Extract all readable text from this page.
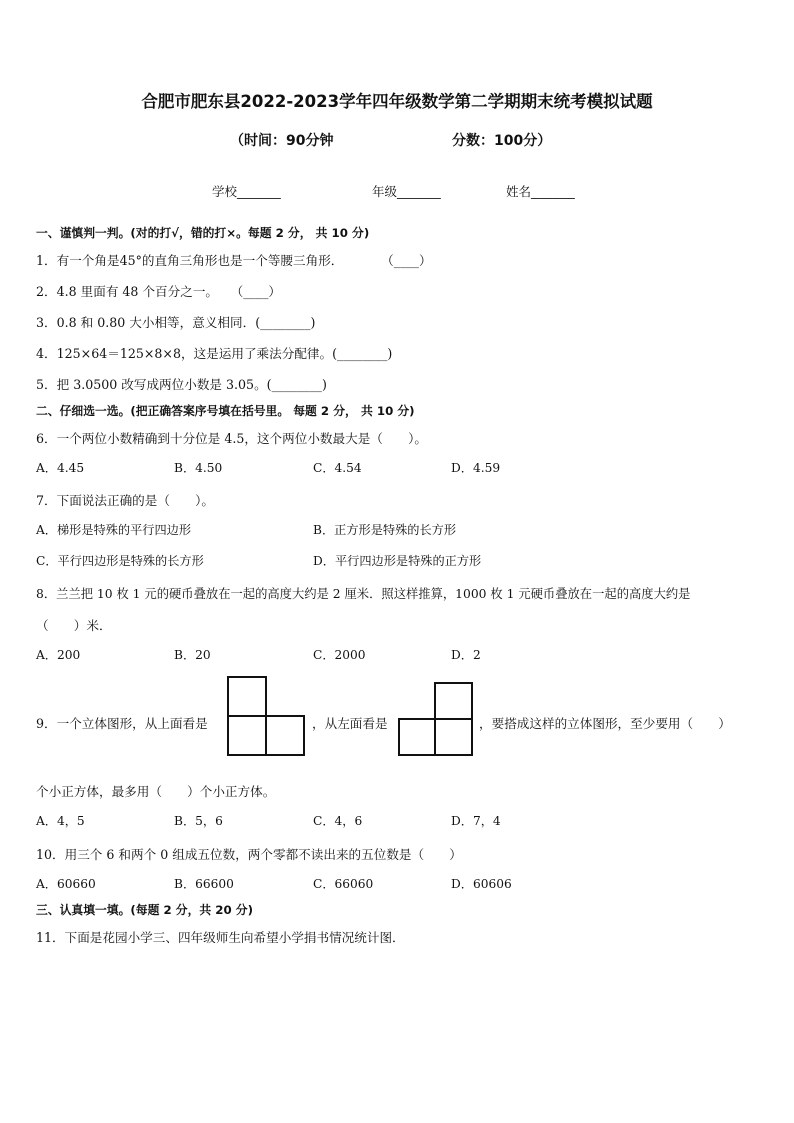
合肥市肥东县2022-2023学年四年级数学第二学期期末统考模拟试题
（时间：90分钟	分数：100分）
学校_______	年级_______	姓名_______
一、谨慎判一判。(对的打√，错的打×。每题 2 分， 共 10 分)
1．有一个角是45°的直角三角形也是一个等腰三角形．　　　　（____）
2．4.8 里面有 48 个百分之一。　　（____）
3．0.8 和 0.80 大小相等，意义相同．(________)
4．125×64＝125×8×8，这是运用了乘法分配律。(________)
5．把 3.0500 改写成两位小数是 3.05。(________)
二、仔细选一选。(把正确答案序号填在括号里。 每题 2 分， 共 10 分)
6．一个两位小数精确到十分位是 4.5，这个两位小数最大是（　　）。
A．4.45	B．4.50	C．4.54	D．4.59
7．下面说法正确的是（　　）。
A．梯形是特殊的平行四边形	B．正方形是特殊的长方形
C．平行四边形是特殊的长方形	D．平行四边形是特殊的正方形
8．兰兰把 10 枚 1 元的硬币叠放在一起的高度大约是 2 厘米．照这样推算，1000 枚 1 元硬币叠放在一起的高度大约是
（　　）米．
A．200	B．20	C．2000	D．2
9．一个立体图形，从上面看是	，从左面看是	，要搭成这样的立体图形，至少要用（　　）
个小正方体，最多用（　　）个小正方体。
A．4，5	B．5，6	C．4，6	D．7，4
10．用三个 6 和两个 0 组成五位数，两个零都不读出来的五位数是（　　）
A．60660	B．66600	C．66060	D．60606
三、认真填一填。(每题 2 分，共 20 分)
11．下面是花园小学三、四年级师生向希望小学捐书情况统计图．
